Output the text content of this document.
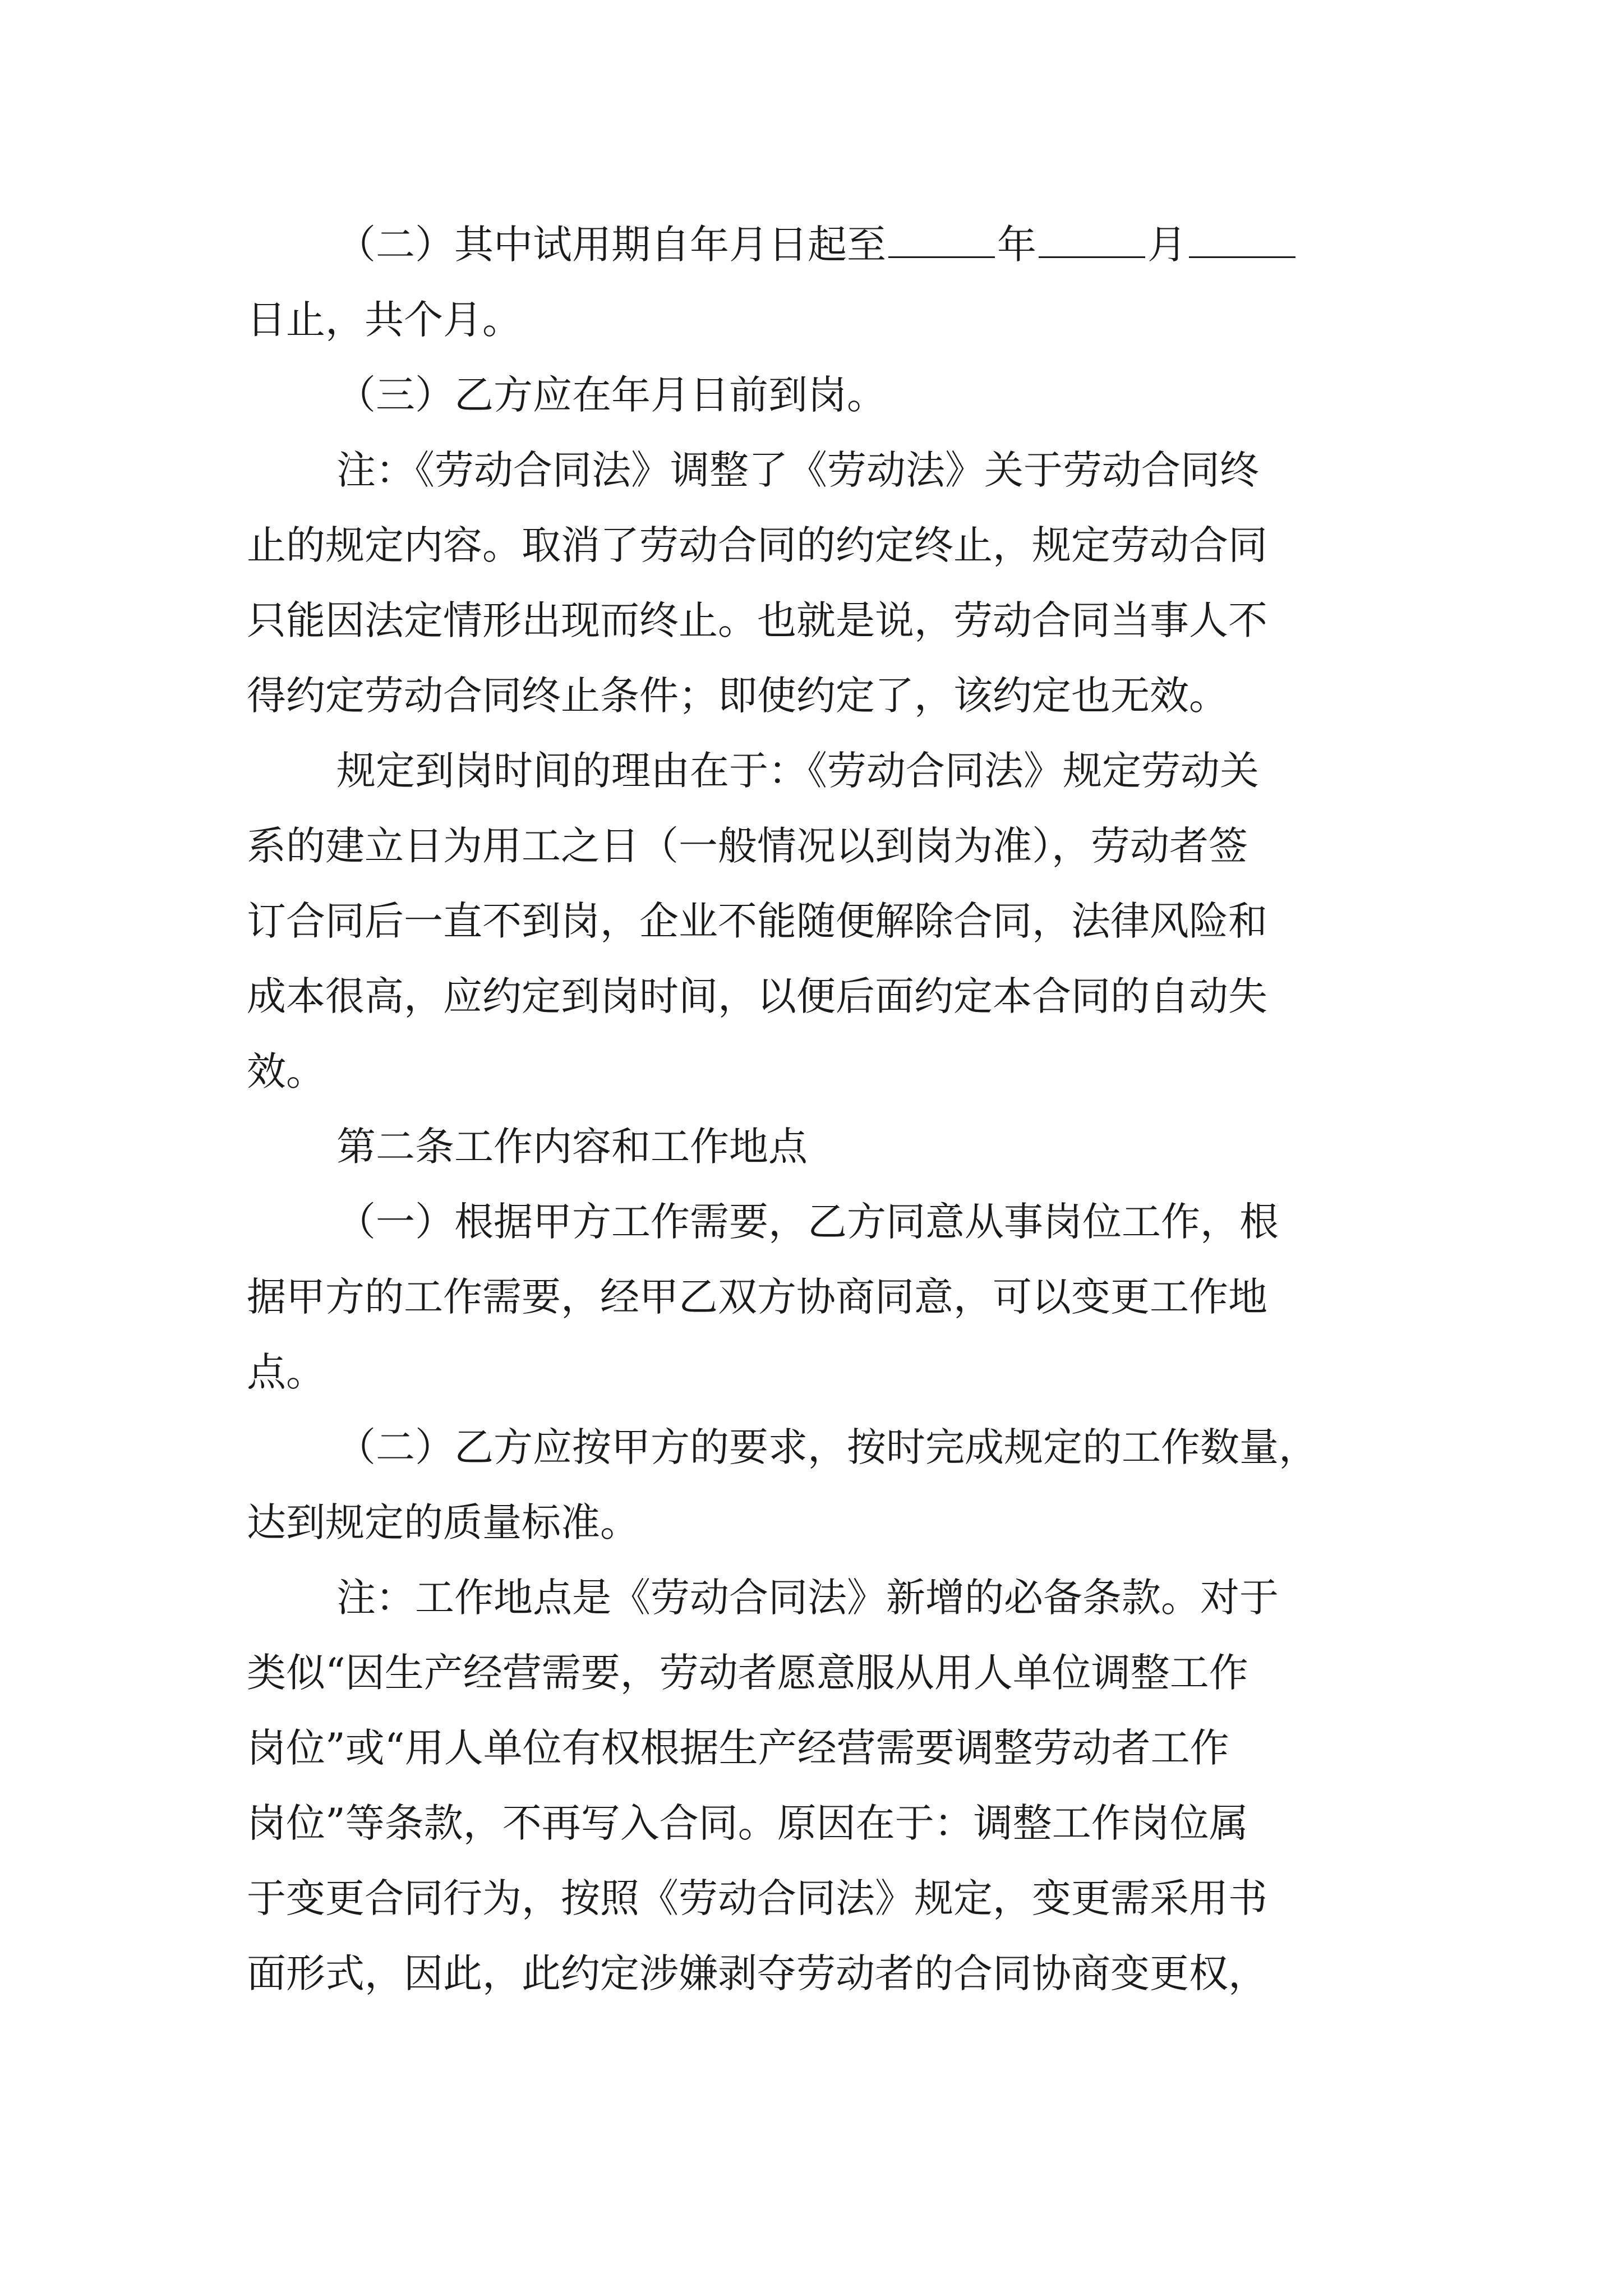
（二）其中试用期自年月日起至	年	月

日止，共个月。

（三）乙方应在年月日前到岗。

注：《劳动合同法》调整了《劳动法》关于劳动合同终

止的规定内容。取消了劳动合同的约定终止，规定劳动合同

只能因法定情形出现而终止。也就是说，劳动合同当事人不

得约定劳动合同终止条件；即使约定了，该约定也无效。

规定到岗时间的理由在于：《劳动合同法》规定劳动关

系的建立日为用工之日（一般情况以到岗为准），劳动者签

订合同后一直不到岗，企业不能随便解除合同，法律风险和

成本很高，应约定到岗时间，以便后面约定本合同的自动失

效。

第二条工作内容和工作地点

（一）根据甲方工作需要，乙方同意从事岗位工作，根

据甲方的工作需要，经甲乙双方协商同意，可以变更工作地

点。

（二）乙方应按甲方的要求，按时完成规定的工作数量，

达到规定的质量标准。

注：工作地点是《劳动合同法》新增的必备条款。对于

类似“因生产经营需要，劳动者愿意服从用人单位调整工作

岗位”或“用人单位有权根据生产经营需要调整劳动者工作

岗位”等条款，不再写入合同。原因在于：调整工作岗位属

于变更合同行为，按照《劳动合同法》规定，变更需采用书

面形式，因此，此约定涉嫌剥夺劳动者的合同协商变更权，
